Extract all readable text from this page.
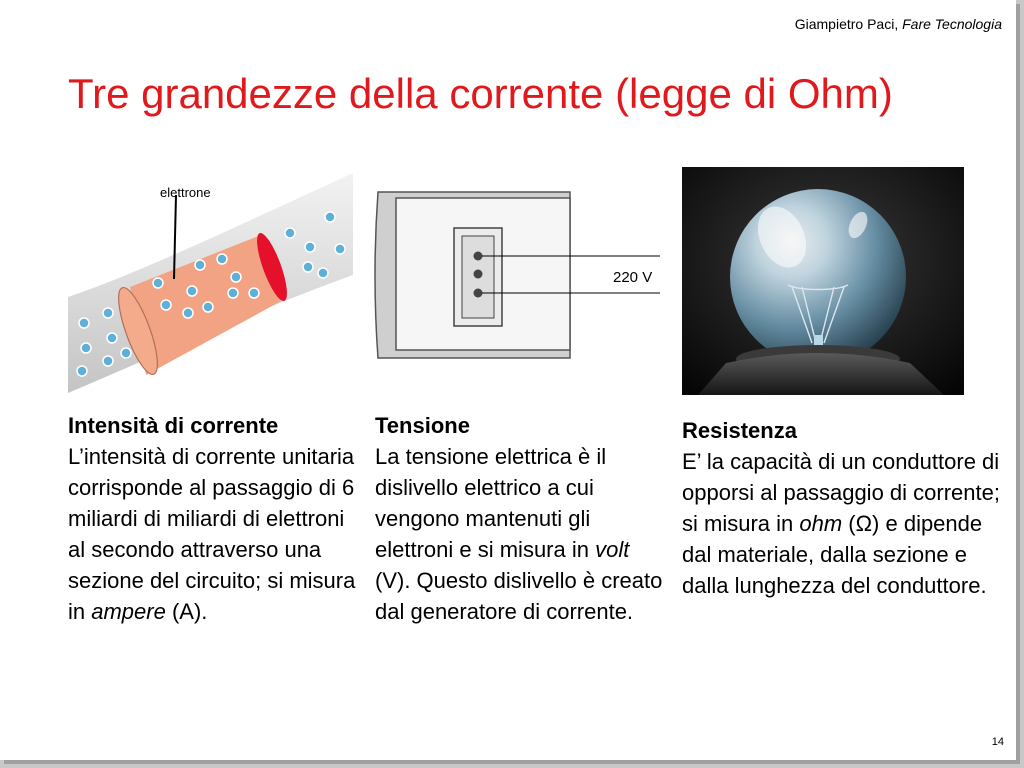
Giampietro Paci, Fare Tecnologia
Tre grandezze della corrente (legge di Ohm)
elettrone
220 V
Intensità di corrente
L’intensità di corrente unitaria corrisponde al passaggio di 6 miliardi di miliardi di elettroni al secondo attraverso una sezione del circuito; si misura in ampere (A).
Tensione
La tensione elettrica è il dislivello elettrico a cui vengono mantenuti gli elettroni e si misura in volt (V). Questo dislivello è creato dal generatore di corrente.
Resistenza
E’ la capacità di un conduttore di opporsi al passaggio di corrente; si misura in ohm (Ω) e dipende dal materiale, dalla sezione e dalla lunghezza del conduttore.
14
